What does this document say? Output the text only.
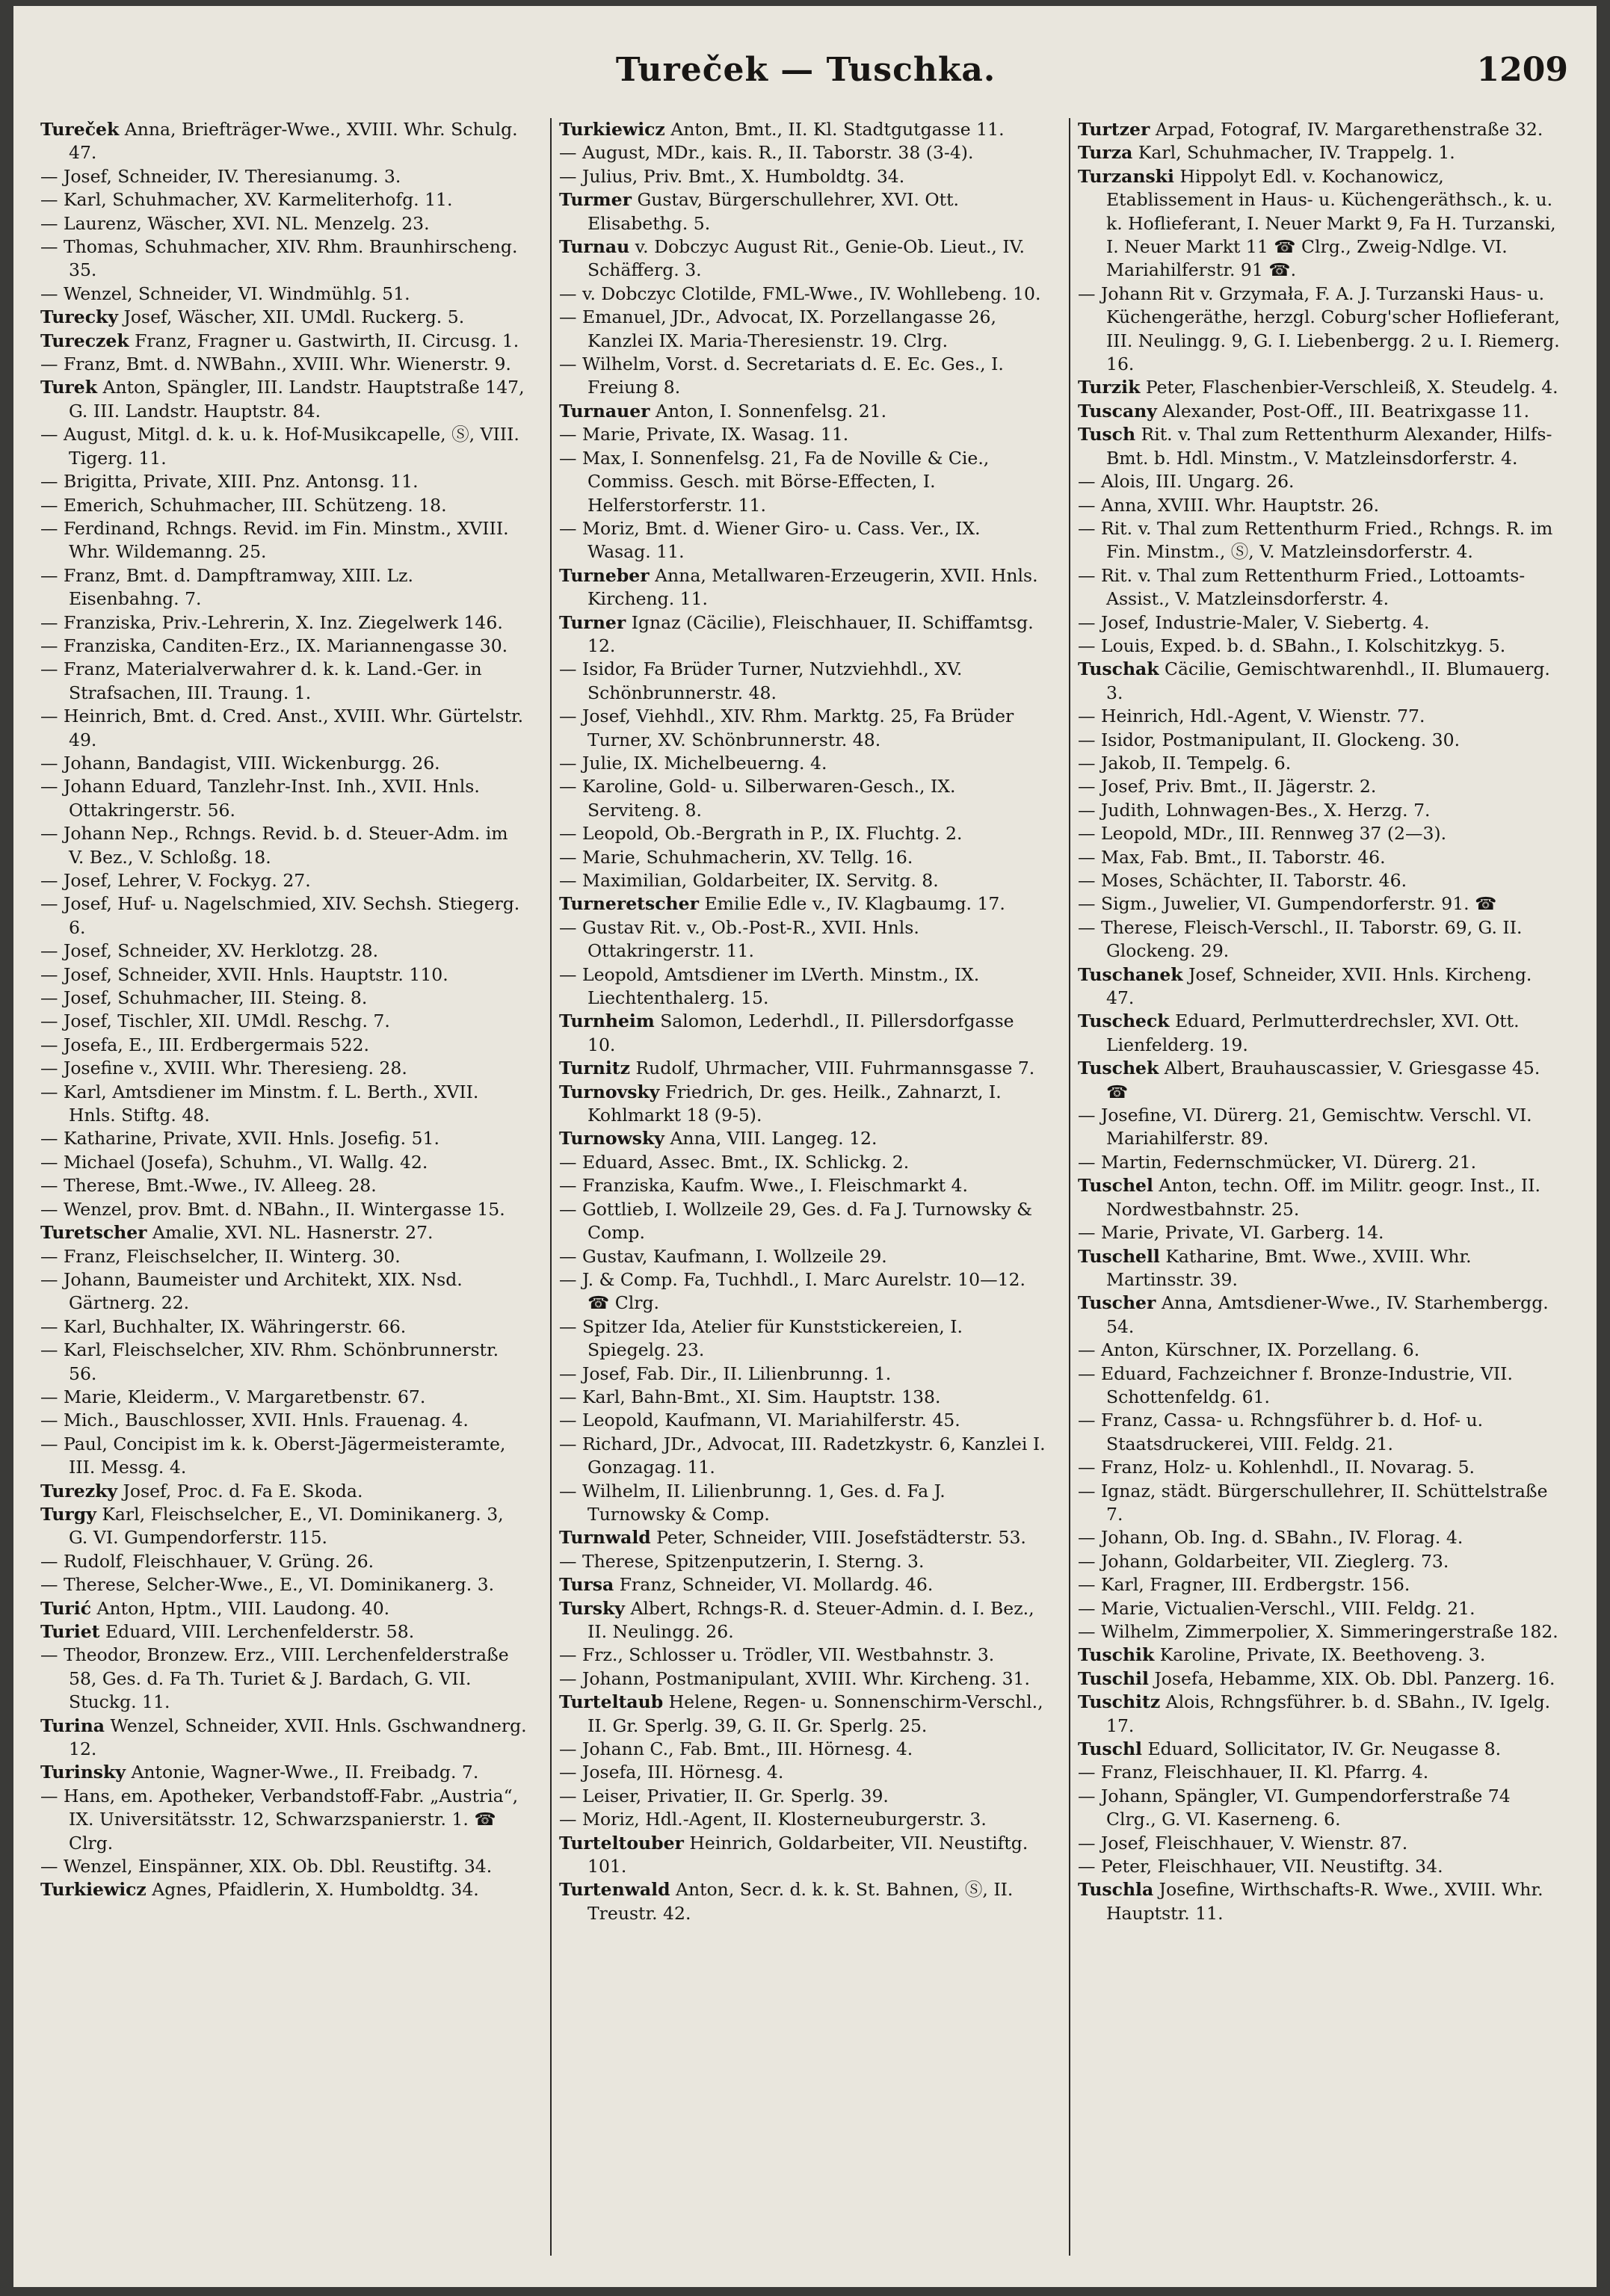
Tureček — Tuschka.	1209
Tureček Anna, Briefträger-Wwe., XVIII. Whr. Schulg. 47.
— Josef, Schneider, IV. Theresianumg. 3.
— Karl, Schuhmacher, XV. Karmeliterhofg. 11.
— Laurenz, Wäscher, XVI. NL. Menzelg. 23.
— Thomas, Schuhmacher, XIV. Rhm. Braunhirscheng. 35.
— Wenzel, Schneider, VI. Windmühlg. 51.
Turecky Josef, Wäscher, XII. UMdl. Ruckerg. 5.
Tureczek Franz, Fragner u. Gastwirth, II. Circusg. 1.
— Franz, Bmt. d. NWBahn., XVIII. Whr. Wienerstr. 9.
Turek Anton, Spängler, III. Landstr. Hauptstraße 147, G. III. Landstr. Hauptstr. 84.
— August, Mitgl. d. k. u. k. Hof-Musikcapelle, Ⓢ, VIII. Tigerg. 11.
— Brigitta, Private, XIII. Pnz. Antonsg. 11.
— Emerich, Schuhmacher, III. Schützeng. 18.
— Ferdinand, Rchngs. Revid. im Fin. Minstm., XVIII. Whr. Wildemanng. 25.
— Franz, Bmt. d. Dampftramway, XIII. Lz. Eisenbahng. 7.
— Franziska, Priv.-Lehrerin, X. Inz. Ziegelwerk 146.
— Franziska, Canditen-Erz., IX. Mariannengasse 30.
— Franz, Materialverwahrer d. k. k. Land.-Ger. in Strafsachen, III. Traung. 1.
— Heinrich, Bmt. d. Cred. Anst., XVIII. Whr. Gürtelstr. 49.
— Johann, Bandagist, VIII. Wickenburgg. 26.
— Johann Eduard, Tanzlehr-Inst. Inh., XVII. Hnls. Ottakringerstr. 56.
— Johann Nep., Rchngs. Revid. b. d. Steuer-Adm. im V. Bez., V. Schloßg. 18.
— Josef, Lehrer, V. Fockyg. 27.
— Josef, Huf- u. Nagelschmied, XIV. Sechsh. Stiegerg. 6.
— Josef, Schneider, XV. Herklotzg. 28.
— Josef, Schneider, XVII. Hnls. Hauptstr. 110.
— Josef, Schuhmacher, III. Steing. 8.
— Josef, Tischler, XII. UMdl. Reschg. 7.
— Josefa, E., III. Erdbergermais 522.
— Josefine v., XVIII. Whr. Theresieng. 28.
— Karl, Amtsdiener im Minstm. f. L. Berth., XVII. Hnls. Stiftg. 48.
— Katharine, Private, XVII. Hnls. Josefig. 51.
— Michael (Josefa), Schuhm., VI. Wallg. 42.
— Therese, Bmt.-Wwe., IV. Alleeg. 28.
— Wenzel, prov. Bmt. d. NBahn., II. Wintergasse 15.
Turetscher Amalie, XVI. NL. Hasnerstr. 27.
— Franz, Fleischselcher, II. Winterg. 30.
— Johann, Baumeister und Architekt, XIX. Nsd. Gärtnerg. 22.
— Karl, Buchhalter, IX. Währingerstr. 66.
— Karl, Fleischselcher, XIV. Rhm. Schönbrunnerstr. 56.
— Marie, Kleiderm., V. Margaretbenstr. 67.
— Mich., Bauschlosser, XVII. Hnls. Frauenag. 4.
— Paul, Concipist im k. k. Oberst-Jägermeisteramte, III. Messg. 4.
Turezky Josef, Proc. d. Fa E. Skoda.
Turgy Karl, Fleischselcher, E., VI. Dominikanerg. 3, G. VI. Gumpendorferstr. 115.
— Rudolf, Fleischhauer, V. Grüng. 26.
— Therese, Selcher-Wwe., E., VI. Dominikanerg. 3.
Turić Anton, Hptm., VIII. Laudong. 40.
Turiet Eduard, VIII. Lerchenfelderstr. 58.
— Theodor, Bronzew. Erz., VIII. Lerchenfelderstraße 58, Ges. d. Fa Th. Turiet & J. Bardach, G. VII. Stuckg. 11.
Turina Wenzel, Schneider, XVII. Hnls. Gschwandnerg. 12.
Turinsky Antonie, Wagner-Wwe., II. Freibadg. 7.
— Hans, em. Apotheker, Verbandstoff-Fabr. „Austria“, IX. Universitätsstr. 12, Schwarzspanierstr. 1. ☎ Clrg.
— Wenzel, Einspänner, XIX. Ob. Dbl. Reustiftg. 34.
Turkiewicz Agnes, Pfaidlerin, X. Humboldtg. 34.
Turkiewicz Anton, Bmt., II. Kl. Stadtgutgasse 11.
— August, MDr., kais. R., II. Taborstr. 38 (3-4).
— Julius, Priv. Bmt., X. Humboldtg. 34.
Turmer Gustav, Bürgerschullehrer, XVI. Ott. Elisabethg. 5.
Turnau v. Dobczyc August Rit., Genie-Ob. Lieut., IV. Schäfferg. 3.
— v. Dobczyc Clotilde, FML-Wwe., IV. Wohllebeng. 10.
— Emanuel, JDr., Advocat, IX. Porzellangasse 26, Kanzlei IX. Maria-Theresienstr. 19. Clrg.
— Wilhelm, Vorst. d. Secretariats d. E. Ec. Ges., I. Freiung 8.
Turnauer Anton, I. Sonnenfelsg. 21.
— Marie, Private, IX. Wasag. 11.
— Max, I. Sonnenfelsg. 21, Fa de Noville & Cie., Commiss. Gesch. mit Börse-Effecten, I. Helferstorferstr. 11.
— Moriz, Bmt. d. Wiener Giro- u. Cass. Ver., IX. Wasag. 11.
Turneber Anna, Metallwaren-Erzeugerin, XVII. Hnls. Kircheng. 11.
Turner Ignaz (Cäcilie), Fleischhauer, II. Schiffamtsg. 12.
— Isidor, Fa Brüder Turner, Nutzviehhdl., XV. Schönbrunnerstr. 48.
— Josef, Viehhdl., XIV. Rhm. Marktg. 25, Fa Brüder Turner, XV. Schönbrunnerstr. 48.
— Julie, IX. Michelbeuerng. 4.
— Karoline, Gold- u. Silberwaren-Gesch., IX. Serviteng. 8.
— Leopold, Ob.-Bergrath in P., IX. Fluchtg. 2.
— Marie, Schuhmacherin, XV. Tellg. 16.
— Maximilian, Goldarbeiter, IX. Servitg. 8.
Turneretscher Emilie Edle v., IV. Klagbaumg. 17.
— Gustav Rit. v., Ob.-Post-R., XVII. Hnls. Ottakringerstr. 11.
— Leopold, Amtsdiener im LVerth. Minstm., IX. Liechtenthalerg. 15.
Turnheim Salomon, Lederhdl., II. Pillersdorfgasse 10.
Turnitz Rudolf, Uhrmacher, VIII. Fuhrmannsgasse 7.
Turnovsky Friedrich, Dr. ges. Heilk., Zahnarzt, I. Kohlmarkt 18 (9-5).
Turnowsky Anna, VIII. Langeg. 12.
— Eduard, Assec. Bmt., IX. Schlickg. 2.
— Franziska, Kaufm. Wwe., I. Fleischmarkt 4.
— Gottlieb, I. Wollzeile 29, Ges. d. Fa J. Turnowsky & Comp.
— Gustav, Kaufmann, I. Wollzeile 29.
— J. & Comp. Fa, Tuchhdl., I. Marc Aurelstr. 10—12. ☎ Clrg.
— Spitzer Ida, Atelier für Kunststickereien, I. Spiegelg. 23.
— Josef, Fab. Dir., II. Lilienbrunng. 1.
— Karl, Bahn-Bmt., XI. Sim. Hauptstr. 138.
— Leopold, Kaufmann, VI. Mariahilferstr. 45.
— Richard, JDr., Advocat, III. Radetzkystr. 6, Kanzlei I. Gonzagag. 11.
— Wilhelm, II. Lilienbrunng. 1, Ges. d. Fa J. Turnowsky & Comp.
Turnwald Peter, Schneider, VIII. Josefstädterstr. 53.
— Therese, Spitzenputzerin, I. Sterng. 3.
Tursa Franz, Schneider, VI. Mollardg. 46.
Tursky Albert, Rchngs-R. d. Steuer-Admin. d. I. Bez., II. Neulingg. 26.
— Frz., Schlosser u. Trödler, VII. Westbahnstr. 3.
— Johann, Postmanipulant, XVIII. Whr. Kircheng. 31.
Turteltaub Helene, Regen- u. Sonnenschirm-Verschl., II. Gr. Sperlg. 39, G. II. Gr. Sperlg. 25.
— Johann C., Fab. Bmt., III. Hörnesg. 4.
— Josefa, III. Hörnesg. 4.
— Leiser, Privatier, II. Gr. Sperlg. 39.
— Moriz, Hdl.-Agent, II. Klosterneuburgerstr. 3.
Turteltouber Heinrich, Goldarbeiter, VII. Neustiftg. 101.
Turtenwald Anton, Secr. d. k. k. St. Bahnen, Ⓢ, II. Treustr. 42.
Turtzer Arpad, Fotograf, IV. Margarethenstraße 32.
Turza Karl, Schuhmacher, IV. Trappelg. 1.
Turzanski Hippolyt Edl. v. Kochanowicz, Etablissement in Haus- u. Küchengeräthsch., k. u. k. Hoflieferant, I. Neuer Markt 9, Fa H. Turzanski, I. Neuer Markt 11 ☎ Clrg., Zweig-Ndlge. VI. Mariahilferstr. 91 ☎.
— Johann Rit v. Grzymała, F. A. J. Turzanski Haus- u. Küchengeräthe, herzgl. Coburg'scher Hoflieferant, III. Neulingg. 9, G. I. Liebenbergg. 2 u. I. Riemerg. 16.
Turzik Peter, Flaschenbier-Verschleiß, X. Steudelg. 4.
Tuscany Alexander, Post-Off., III. Beatrixgasse 11.
Tusch Rit. v. Thal zum Rettenthurm Alexander, Hilfs-Bmt. b. Hdl. Minstm., V. Matzleinsdorferstr. 4.
— Alois, III. Ungarg. 26.
— Anna, XVIII. Whr. Hauptstr. 26.
— Rit. v. Thal zum Rettenthurm Fried., Rchngs. R. im Fin. Minstm., Ⓢ, V. Matzleinsdorferstr. 4.
— Rit. v. Thal zum Rettenthurm Fried., Lottoamts-Assist., V. Matzleinsdorferstr. 4.
— Josef, Industrie-Maler, V. Siebertg. 4.
— Louis, Exped. b. d. SBahn., I. Kolschitzkyg. 5.
Tuschak Cäcilie, Gemischtwarenhdl., II. Blumauerg. 3.
— Heinrich, Hdl.-Agent, V. Wienstr. 77.
— Isidor, Postmanipulant, II. Glockeng. 30.
— Jakob, II. Tempelg. 6.
— Josef, Priv. Bmt., II. Jägerstr. 2.
— Judith, Lohnwagen-Bes., X. Herzg. 7.
— Leopold, MDr., III. Rennweg 37 (2—3).
— Max, Fab. Bmt., II. Taborstr. 46.
— Moses, Schächter, II. Taborstr. 46.
— Sigm., Juwelier, VI. Gumpendorferstr. 91. ☎
— Therese, Fleisch-Verschl., II. Taborstr. 69, G. II. Glockeng. 29.
Tuschanek Josef, Schneider, XVII. Hnls. Kircheng. 47.
Tuscheck Eduard, Perlmutterdrechsler, XVI. Ott. Lienfelderg. 19.
Tuschek Albert, Brauhauscassier, V. Griesgasse 45. ☎
— Josefine, VI. Dürerg. 21, Gemischtw. Verschl. VI. Mariahilferstr. 89.
— Martin, Federnschmücker, VI. Dürerg. 21.
Tuschel Anton, techn. Off. im Militr. geogr. Inst., II. Nordwestbahnstr. 25.
— Marie, Private, VI. Garberg. 14.
Tuschell Katharine, Bmt. Wwe., XVIII. Whr. Martinsstr. 39.
Tuscher Anna, Amtsdiener-Wwe., IV. Starhembergg. 54.
— Anton, Kürschner, IX. Porzellang. 6.
— Eduard, Fachzeichner f. Bronze-Industrie, VII. Schottenfeldg. 61.
— Franz, Cassa- u. Rchngsführer b. d. Hof- u. Staatsdruckerei, VIII. Feldg. 21.
— Franz, Holz- u. Kohlenhdl., II. Novarag. 5.
— Ignaz, städt. Bürgerschullehrer, II. Schüttelstraße 7.
— Johann, Ob. Ing. d. SBahn., IV. Florag. 4.
— Johann, Goldarbeiter, VII. Zieglerg. 73.
— Karl, Fragner, III. Erdbergstr. 156.
— Marie, Victualien-Verschl., VIII. Feldg. 21.
— Wilhelm, Zimmerpolier, X. Simmeringerstraße 182.
Tuschik Karoline, Private, IX. Beethoveng. 3.
Tuschil Josefa, Hebamme, XIX. Ob. Dbl. Panzerg. 16.
Tuschitz Alois, Rchngsführer. b. d. SBahn., IV. Igelg. 17.
Tuschl Eduard, Sollicitator, IV. Gr. Neugasse 8.
— Franz, Fleischhauer, II. Kl. Pfarrg. 4.
— Johann, Spängler, VI. Gumpendorferstraße 74 Clrg., G. VI. Kaserneng. 6.
— Josef, Fleischhauer, V. Wienstr. 87.
— Peter, Fleischhauer, VII. Neustiftg. 34.
Tuschla Josefine, Wirthschafts-R. Wwe., XVIII. Whr. Hauptstr. 11.
